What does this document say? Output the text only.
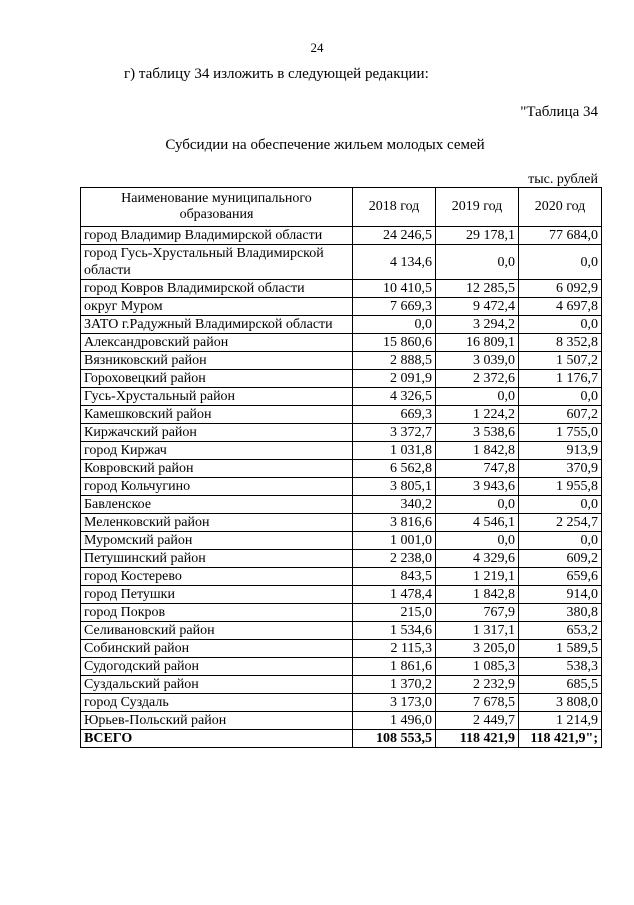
24
г) таблицу 34 изложить в следующей редакции:
"Таблица 34
Субсидии на обеспечение жильем молодых семей
тыс. рублей
Наименование муниципального образования	2018 год	2019 год	2020 год
город Владимир Владимирской области	24 246,5	29 178,1	77 684,0
город Гусь-Хрустальный Владимирской области	4 134,6	0,0	0,0
город Ковров Владимирской области	10 410,5	12 285,5	6 092,9
округ Муром	7 669,3	9 472,4	4 697,8
ЗАТО г.Радужный Владимирской области	0,0	3 294,2	0,0
Александровский район	15 860,6	16 809,1	8 352,8
Вязниковский район	2 888,5	3 039,0	1 507,2
Гороховецкий район	2 091,9	2 372,6	1 176,7
Гусь-Хрустальный район	4 326,5	0,0	0,0
Камешковский район	669,3	1 224,2	607,2
Киржачский район	3 372,7	3 538,6	1 755,0
город Киржач	1 031,8	1 842,8	913,9
Ковровский район	6 562,8	747,8	370,9
город Кольчугино	3 805,1	3 943,6	1 955,8
Бавленское	340,2	0,0	0,0
Меленковский район	3 816,6	4 546,1	2 254,7
Муромский район	1 001,0	0,0	0,0
Петушинский район	2 238,0	4 329,6	609,2
город Костерево	843,5	1 219,1	659,6
город Петушки	1 478,4	1 842,8	914,0
город Покров	215,0	767,9	380,8
Селивановский район	1 534,6	1 317,1	653,2
Собинский район	2 115,3	3 205,0	1 589,5
Судогодский район	1 861,6	1 085,3	538,3
Суздальский район	1 370,2	2 232,9	685,5
город Суздаль	3 173,0	7 678,5	3 808,0
Юрьев-Польский район	1 496,0	2 449,7	1 214,9
ВСЕГО	108 553,5	118 421,9	118 421,9";
